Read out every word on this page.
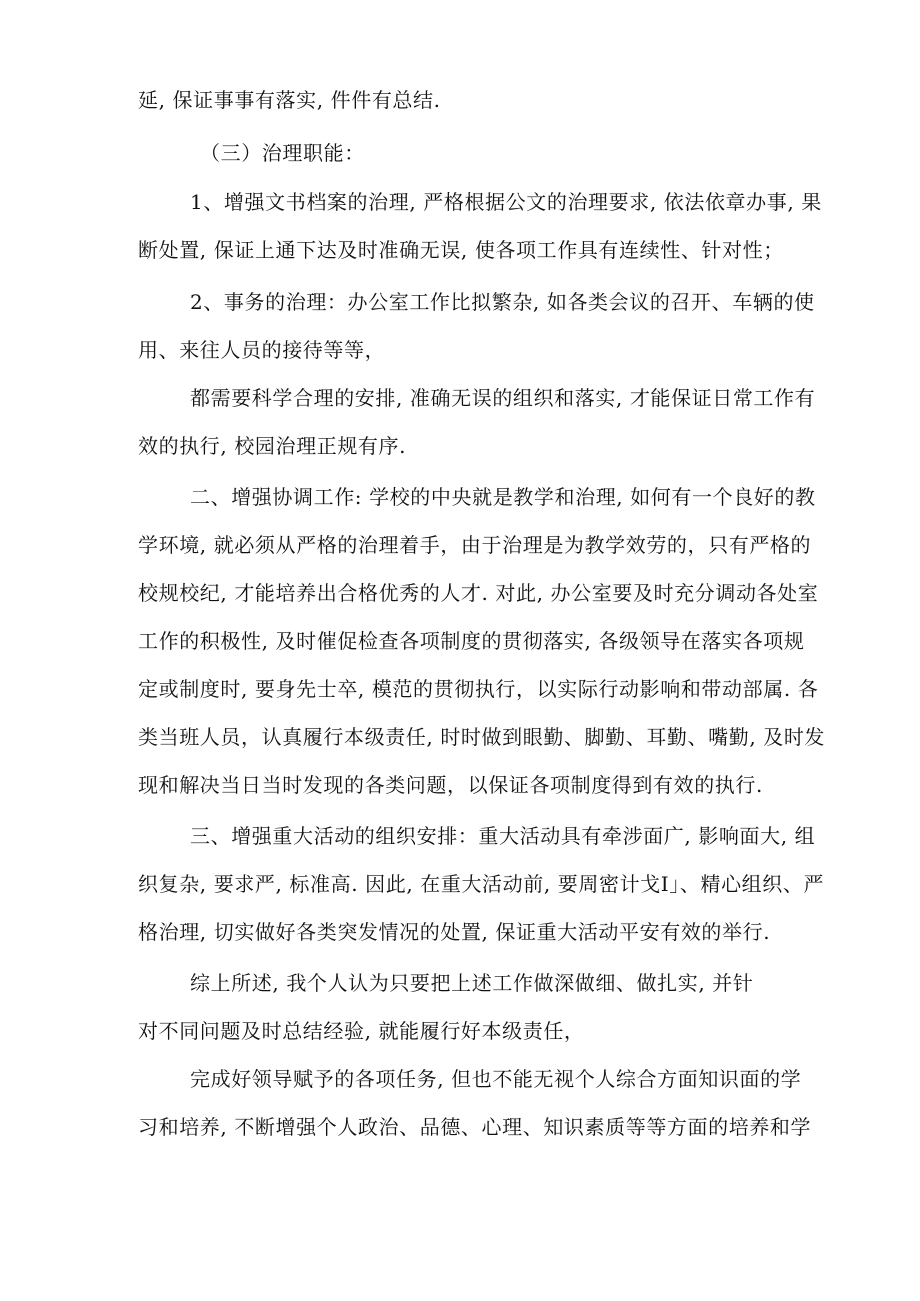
延, 保证事事有落实, 件件有总结.
（三）治理职能：
1、增强文书档案的治理, 严格根据公文的治理要求, 依法依章办事, 果
断处置, 保证上通下达及时准确无误, 使各项工作具有连续性、针对性；
2、事务的治理：办公室工作比拟繁杂, 如各类会议的召开、车辆的使
用、来往人员的接待等等，
都需要科学合理的安排, 准确无误的组织和落实, 才能保证日常工作有
效的执行, 校园治理正规有序.
二、增强协调工作: 学校的中央就是教学和治理, 如何有一个良好的教
学环境, 就必须从严格的治理着手，由于治理是为教学效劳的，只有严格的
校规校纪, 才能培养出合格优秀的人才. 对此, 办公室要及时充分调动各处室
工作的积极性, 及时催促检查各项制度的贯彻落实, 各级领导在落实各项规
定或制度时, 要身先士卒, 模范的贯彻执行，以实际行动影响和带动部属. 各
类当班人员，认真履行本级责任, 时时做到眼勤、脚勤、耳勤、嘴勤, 及时发
现和解决当日当时发现的各类问题，以保证各项制度得到有效的执行.
三、增强重大活动的组织安排：重大活动具有牵涉面广, 影响面大, 组
织复杂, 要求严, 标准高. 因此, 在重大活动前, 要周密计戈I」、精心组织、严
格治理, 切实做好各类突发情况的处置, 保证重大活动平安有效的举行.
综上所述, 我个人认为只要把上述工作做深做细、做扎实, 并针
对不同问题及时总结经验, 就能履行好本级责任，
完成好领导赋予的各项任务, 但也不能无视个人综合方面知识面的学
习和培养, 不断增强个人政治、品德、心理、知识素质等等方面的培养和学
